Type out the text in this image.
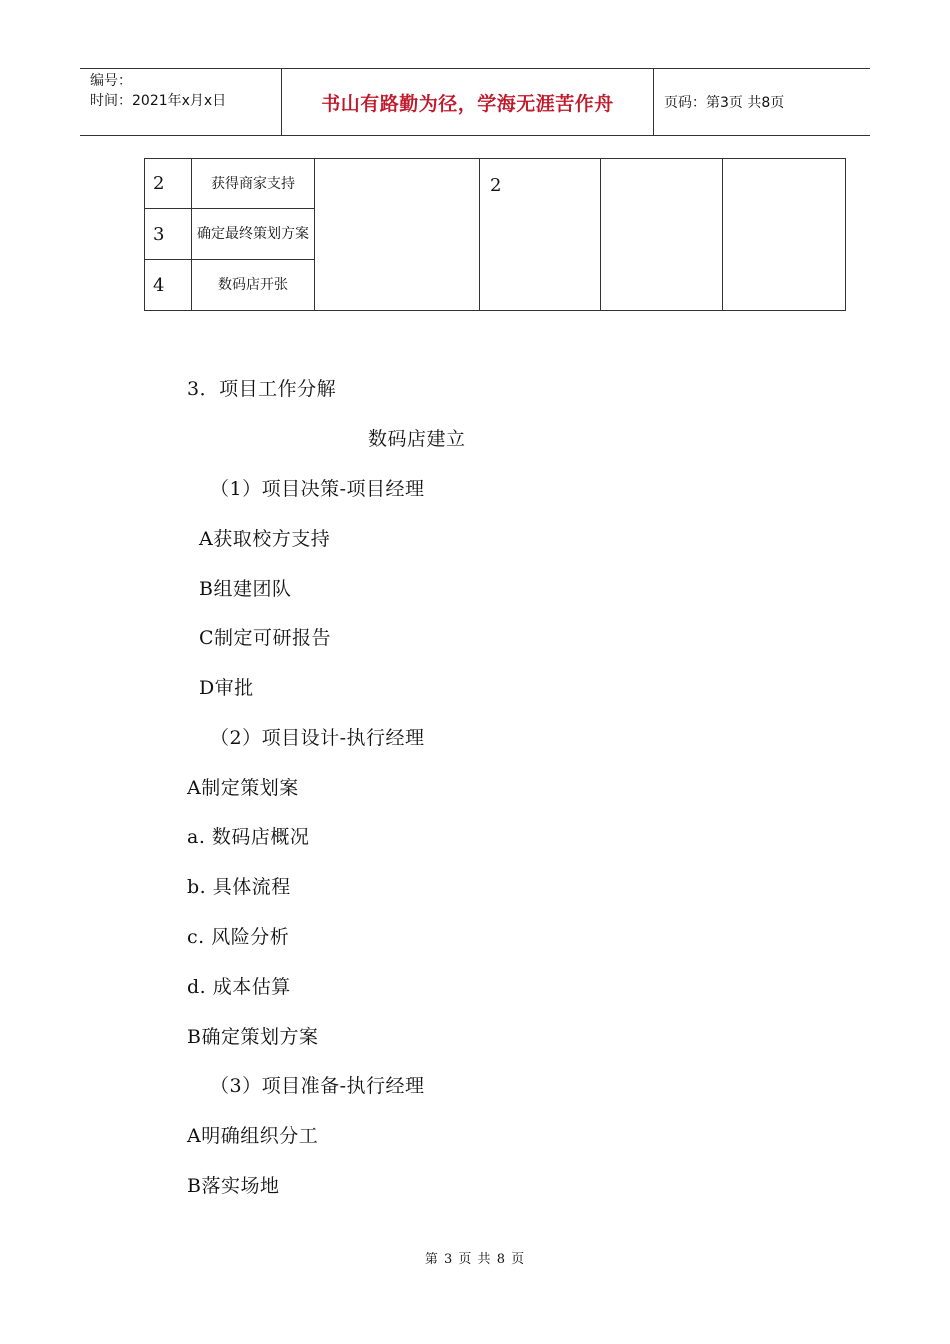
编号：
时间：2021年x月x日	书山有路勤为径，学海无涯苦作舟	页码：第3页 共8页
2	获得商家支持		2		
3	确定最终策划方案				
4	数码店开张				
3．项目工作分解
数码店建立
（1）项目决策-项目经理
A获取校方支持
B组建团队
C制定可研报告
D审批
（2）项目设计-执行经理
A制定策划案
a. 数码店概况
b. 具体流程
c. 风险分析
d. 成本估算
B确定策划方案
（3）项目准备-执行经理
A明确组织分工
B落实场地
第 3 页 共 8 页
